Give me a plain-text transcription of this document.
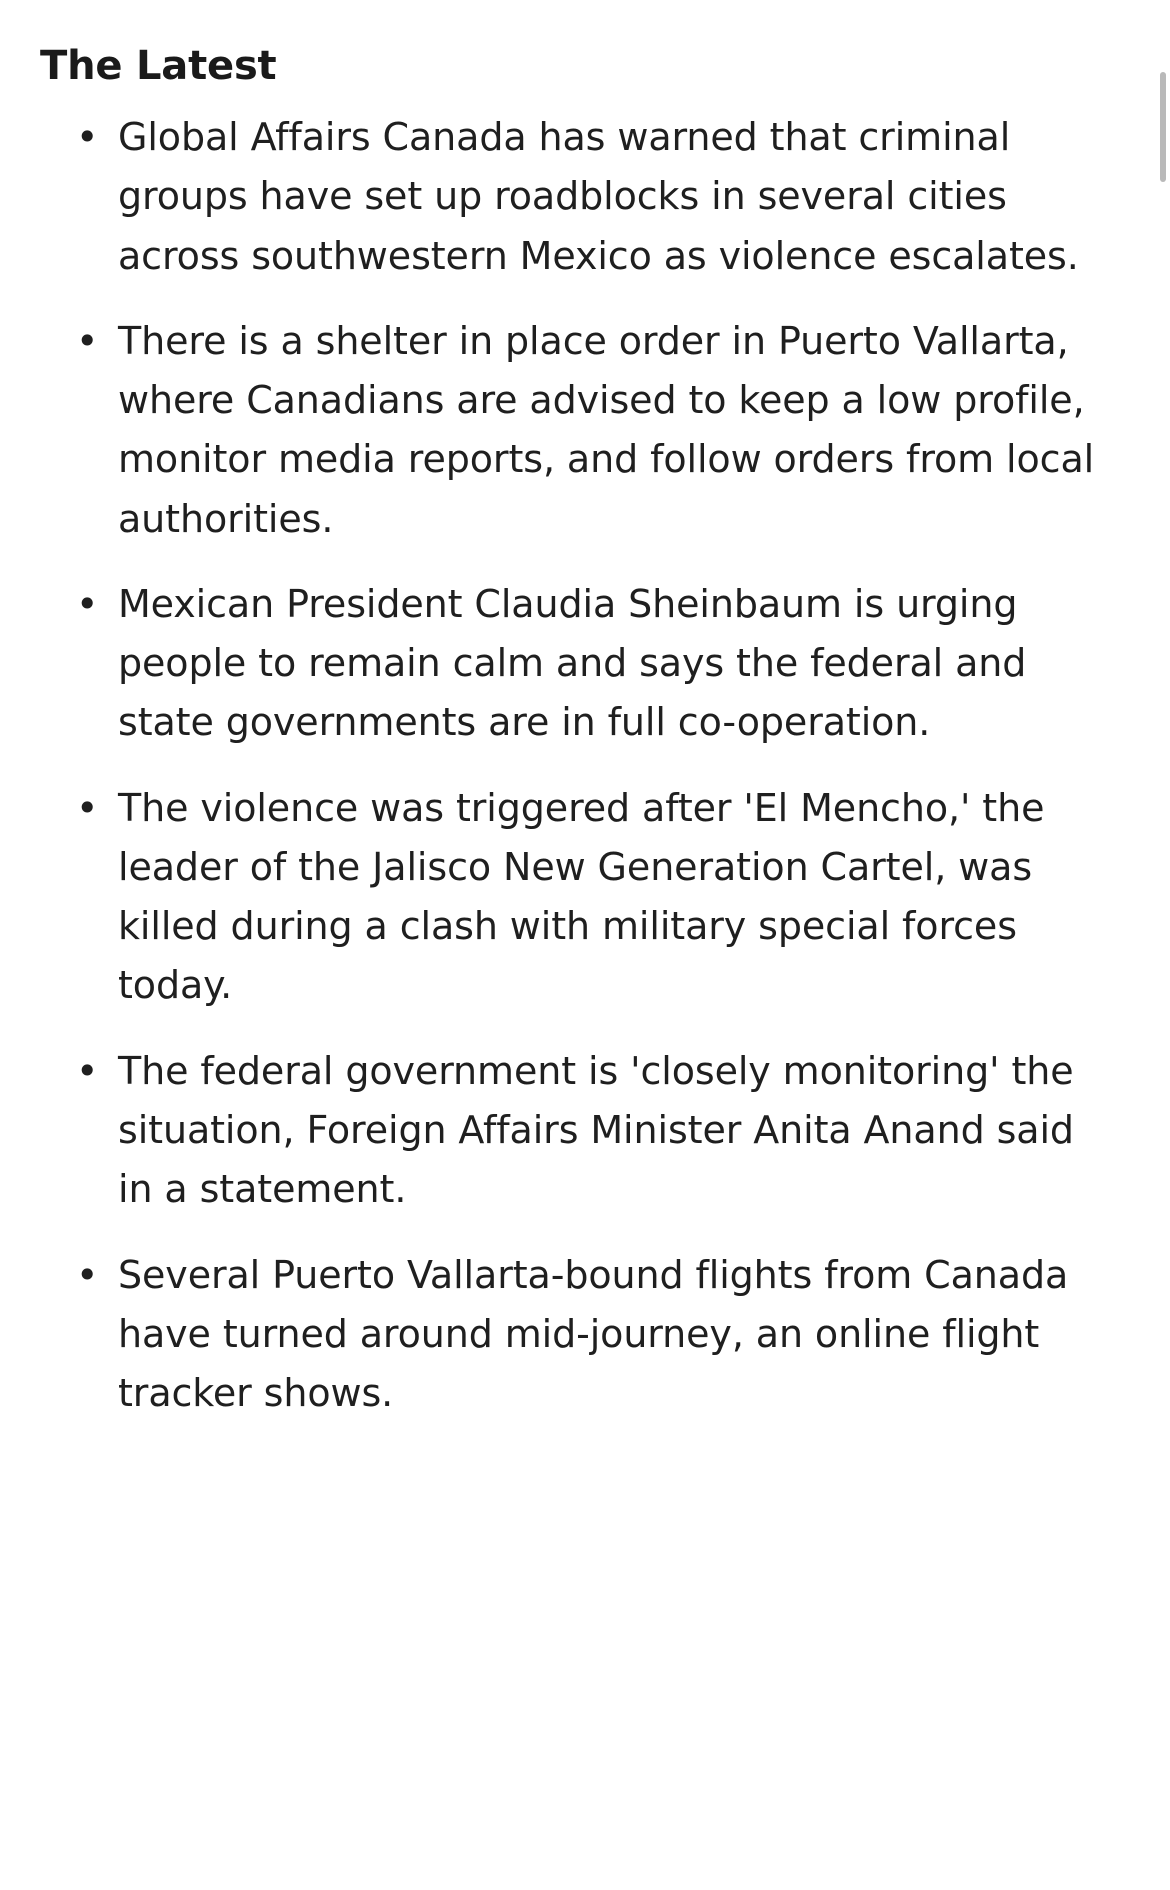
The Latest
• Global Affairs Canada has warned that criminal groups have set up roadblocks in several cities across southwestern Mexico as violence escalates.
• There is a shelter in place order in Puerto Vallarta, where Canadians are advised to keep a low profile, monitor media reports, and follow orders from local authorities.
• Mexican President Claudia Sheinbaum is urging people to remain calm and says the federal and state governments are in full co-operation.
• The violence was triggered after 'El Mencho,' the leader of the Jalisco New Generation Cartel, was killed during a clash with military special forces today.
• The federal government is 'closely monitoring' the situation, Foreign Affairs Minister Anita Anand said in a statement.
• Several Puerto Vallarta-bound flights from Canada have turned around mid-journey, an online flight tracker shows.
